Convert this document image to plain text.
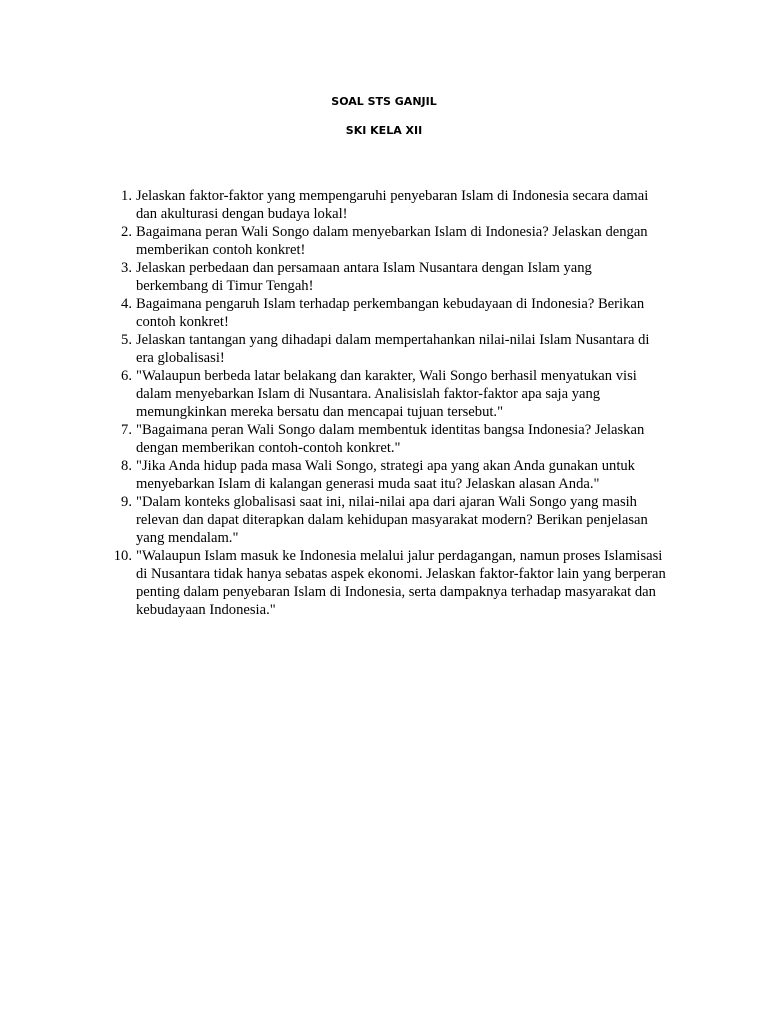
SOAL STS GANJIL
SKI KELA XII
1. Jelaskan faktor-faktor yang mempengaruhi penyebaran Islam di Indonesia secara damai dan akulturasi dengan budaya lokal!
2. Bagaimana peran Wali Songo dalam menyebarkan Islam di Indonesia? Jelaskan dengan memberikan contoh konkret!
3. Jelaskan perbedaan dan persamaan antara Islam Nusantara dengan Islam yang berkembang di Timur Tengah!
4. Bagaimana pengaruh Islam terhadap perkembangan kebudayaan di Indonesia? Berikan contoh konkret!
5. Jelaskan tantangan yang dihadapi dalam mempertahankan nilai-nilai Islam Nusantara di era globalisasi!
6. "Walaupun berbeda latar belakang dan karakter, Wali Songo berhasil menyatukan visi dalam menyebarkan Islam di Nusantara. Analisislah faktor-faktor apa saja yang memungkinkan mereka bersatu dan mencapai tujuan tersebut."
7. "Bagaimana peran Wali Songo dalam membentuk identitas bangsa Indonesia? Jelaskan dengan memberikan contoh-contoh konkret."
8. "Jika Anda hidup pada masa Wali Songo, strategi apa yang akan Anda gunakan untuk menyebarkan Islam di kalangan generasi muda saat itu? Jelaskan alasan Anda."
9. "Dalam konteks globalisasi saat ini, nilai-nilai apa dari ajaran Wali Songo yang masih relevan dan dapat diterapkan dalam kehidupan masyarakat modern? Berikan penjelasan yang mendalam."
10. "Walaupun Islam masuk ke Indonesia melalui jalur perdagangan, namun proses Islamisasi di Nusantara tidak hanya sebatas aspek ekonomi. Jelaskan faktor-faktor lain yang berperan penting dalam penyebaran Islam di Indonesia, serta dampaknya terhadap masyarakat dan kebudayaan Indonesia."
